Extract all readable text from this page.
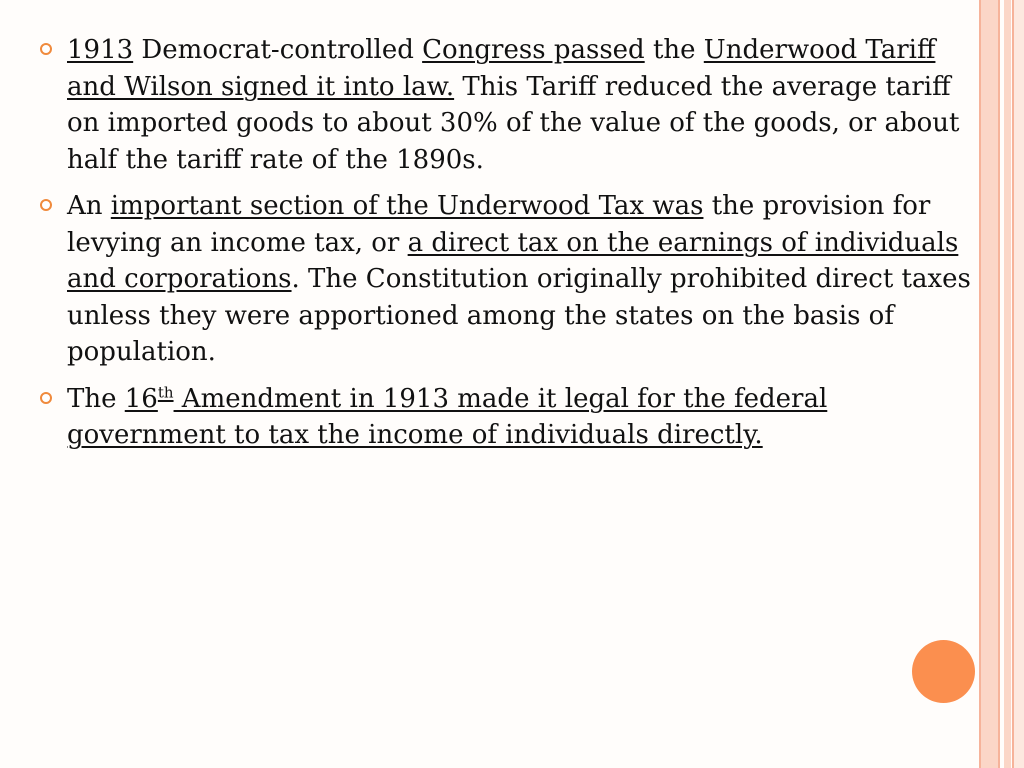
1913 Democrat-controlled Congress passed the Underwood Tariff and Wilson signed it into law. This Tariff reduced the average tariff on imported goods to about 30% of the value of the goods, or about half the tariff rate of the 1890s.
An important section of the Underwood Tax was the provision for levying an income tax, or a direct tax on the earnings of individuals and corporations. The Constitution originally prohibited direct taxes unless they were apportioned among the states on the basis of population.
The 16th Amendment in 1913 made it legal for the federal government to tax the income of individuals directly.
